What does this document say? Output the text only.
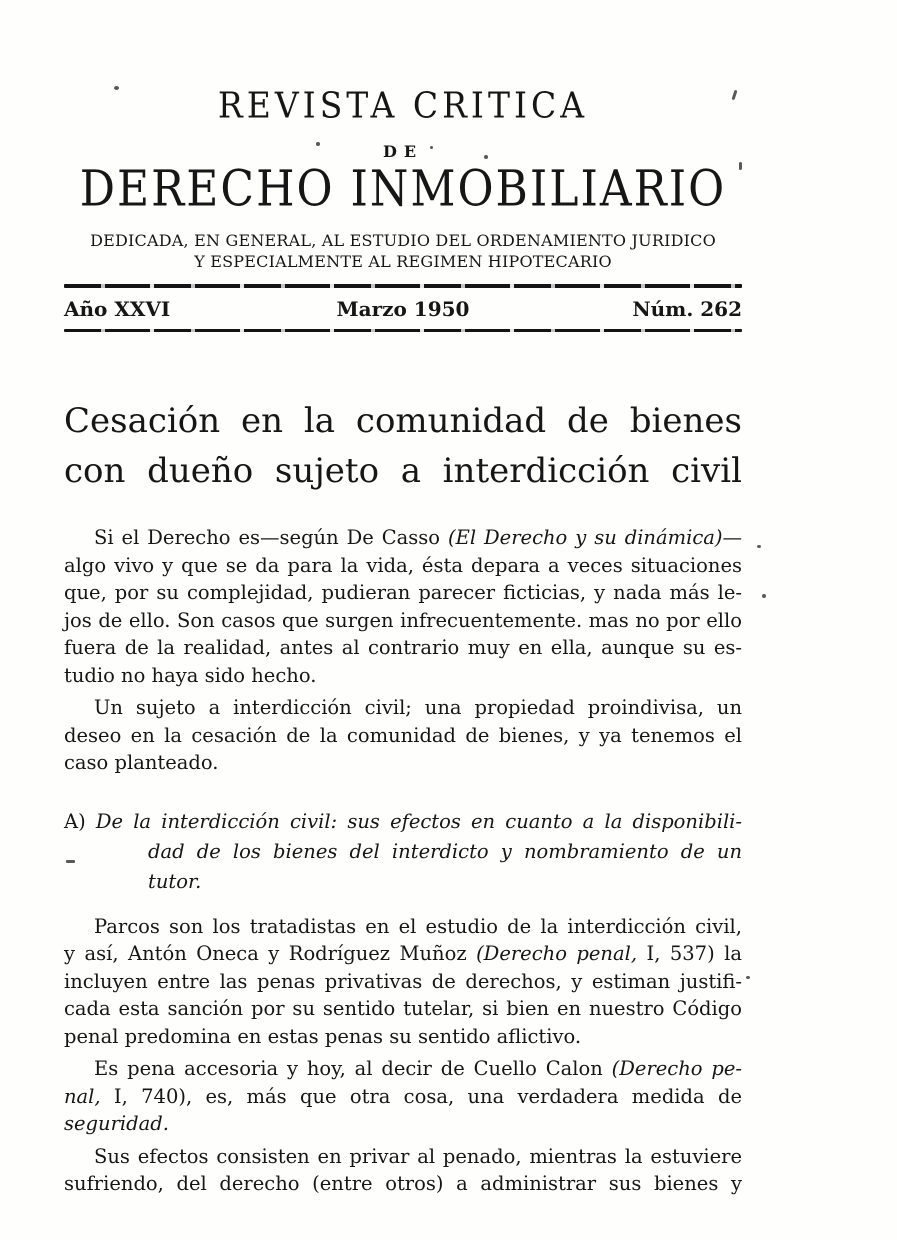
REVISTA CRITICA
DE
DERECHO INMOBILIARIO
DEDICADA, EN GENERAL, AL ESTUDIO DEL ORDENAMIENTO JURIDICO
Y ESPECIALMENTE AL REGIMEN HIPOTECARIO
Año XXVI	Marzo 1950	Núm. 262
Cesación en la comunidad de bienes
con dueño sujeto a interdicción civil
Si el Derecho es—según De Casso (El Derecho y su dinámica)—
algo vivo y que se da para la vida, ésta depara a veces situaciones
que, por su complejidad, pudieran parecer ficticias, y nada más le-
jos de ello. Son casos que surgen infrecuentemente. mas no por ello
fuera de la realidad, antes al contrario muy en ella, aunque su es-
tudio no haya sido hecho.
Un sujeto a interdicción civil; una propiedad proindivisa, un
deseo en la cesación de la comunidad de bienes, y ya tenemos el
caso planteado.
A) De la interdicción civil: sus efectos en cuanto a la disponibili-
dad de los bienes del interdicto y nombramiento de un tutor.
Parcos son los tratadistas en el estudio de la interdicción civil,
y así, Antón Oneca y Rodríguez Muñoz (Derecho penal, I, 537) la
incluyen entre las penas privativas de derechos, y estiman justifi-
cada esta sanción por su sentido tutelar, si bien en nuestro Código
penal predomina en estas penas su sentido aflictivo.
Es pena accesoria y hoy, al decir de Cuello Calon (Derecho pe-
nal, I, 740), es, más que otra cosa, una verdadera medida de
seguridad.
Sus efectos consisten en privar al penado, mientras la estuviere
sufriendo, del derecho (entre otros) a administrar sus bienes y
